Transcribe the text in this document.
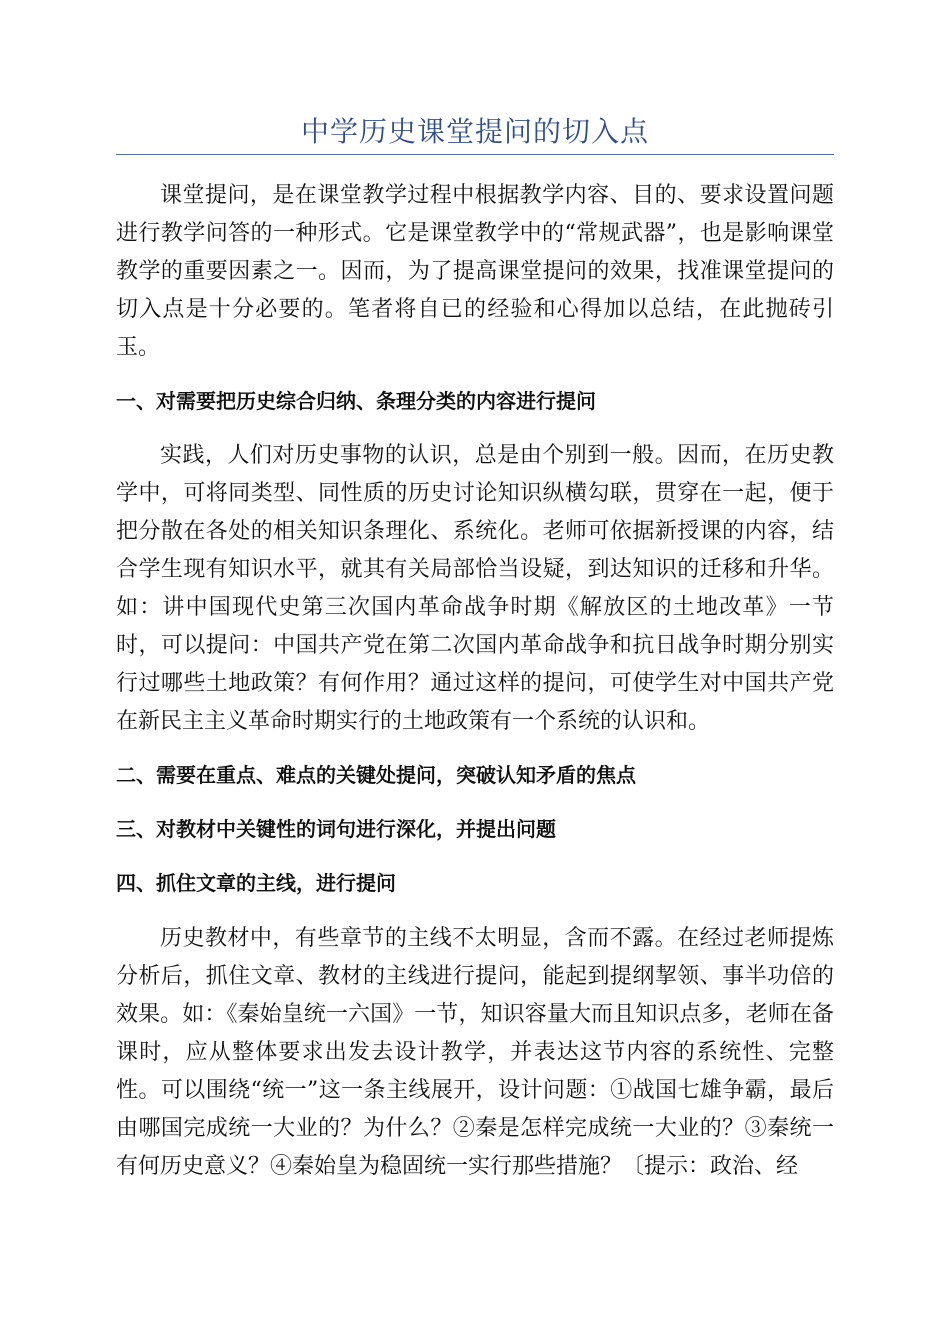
中学历史课堂提问的切入点

课堂提问，是在课堂教学过程中根据教学内容、目的、要求设置问题进行教学问答的一种形式。它是课堂教学中的“常规武器”，也是影响课堂教学的重要因素之一。因而，为了提高课堂提问的效果，找准课堂提问的切入点是十分必要的。笔者将自已的经验和心得加以总结，在此抛砖引玉。

一、对需要把历史综合归纳、条理分类的内容进行提问

实践，人们对历史事物的认识，总是由个别到一般。因而，在历史教学中，可将同类型、同性质的历史讨论知识纵横勾联，贯穿在一起，便于把分散在各处的相关知识条理化、系统化。老师可依据新授课的内容，结合学生现有知识水平，就其有关局部恰当设疑，到达知识的迁移和升华。如：讲中国现代史第三次国内革命战争时期《解放区的土地改革》一节时，可以提问：中国共产党在第二次国内革命战争和抗日战争时期分别实行过哪些土地政策？有何作用？通过这样的提问，可使学生对中国共产党在新民主主义革命时期实行的土地政策有一个系统的认识和。

二、需要在重点、难点的关键处提问，突破认知矛盾的焦点

三、对教材中关键性的词句进行深化，并提出问题

四、抓住文章的主线，进行提问

历史教材中，有些章节的主线不太明显，含而不露。在经过老师提炼分析后，抓住文章、教材的主线进行提问，能起到提纲挈领、事半功倍的效果。如：《秦始皇统一六国》一节，知识容量大而且知识点多，老师在备课时，应从整体要求出发去设计教学，并表达这节内容的系统性、完整性。可以围绕“统一”这一条主线展开，设计问题：①战国七雄争霸，最后由哪国完成统一大业的？为什么？②秦是怎样完成统一大业的？③秦统一有何历史意义？④秦始皇为稳固统一实行那些措施？〔提示：政治、经
